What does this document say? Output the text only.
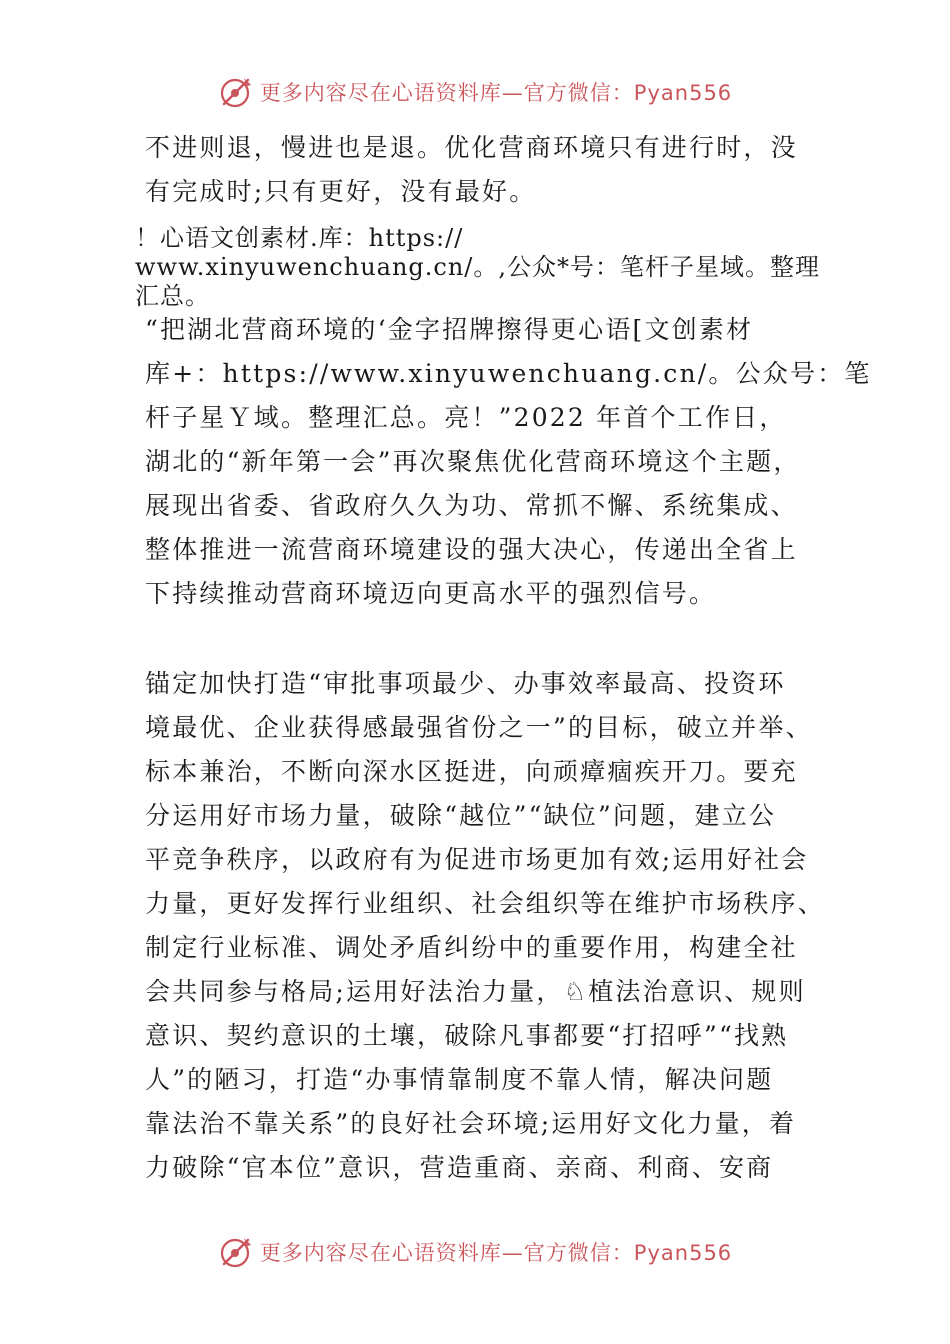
更多内容尽在心语资料库—官方微信：Pyan556
不进则退，慢进也是退。优化营商环境只有进行时，没
有完成时;只有更好，没有最好。
！心语文创素材.库：https://
www.xinyuwenchuang.cn/。,公众*号：笔杆子星域。整理
汇总。
“把湖北营商环境的‘金字招牌擦得更心语[文创素材
库+：https://www.xinyuwenchuang.cn/。公众号：笔
杆子星Ｙ域。整理汇总。亮！”2022 年首个工作日，
湖北的“新年第一会”再次聚焦优化营商环境这个主题，
展现出省委、省政府久久为功、常抓不懈、系统集成、
整体推进一流营商环境建设的强大决心，传递出全省上
下持续推动营商环境迈向更高水平的强烈信号。
锚定加快打造“审批事项最少、办事效率最高、投资环
境最优、企业获得感最强省份之一”的目标，破立并举、
标本兼治，不断向深水区挺进，向顽瘴痼疾开刀。要充
分运用好市场力量，破除“越位”“缺位”问题，建立公
平竞争秩序，以政府有为促进市场更加有效;运用好社会
力量，更好发挥行业组织、社会组织等在维护市场秩序、
制定行业标准、调处矛盾纠纷中的重要作用，构建全社
会共同参与格局;运用好法治力量，♘植法治意识、规则
意识、契约意识的土壤，破除凡事都要“打招呼”“找熟
人”的陋习，打造“办事情靠制度不靠人情，解决问题
靠法治不靠关系”的良好社会环境;运用好文化力量，着
力破除“官本位”意识，营造重商、亲商、利商、安商
更多内容尽在心语资料库—官方微信：Pyan556
